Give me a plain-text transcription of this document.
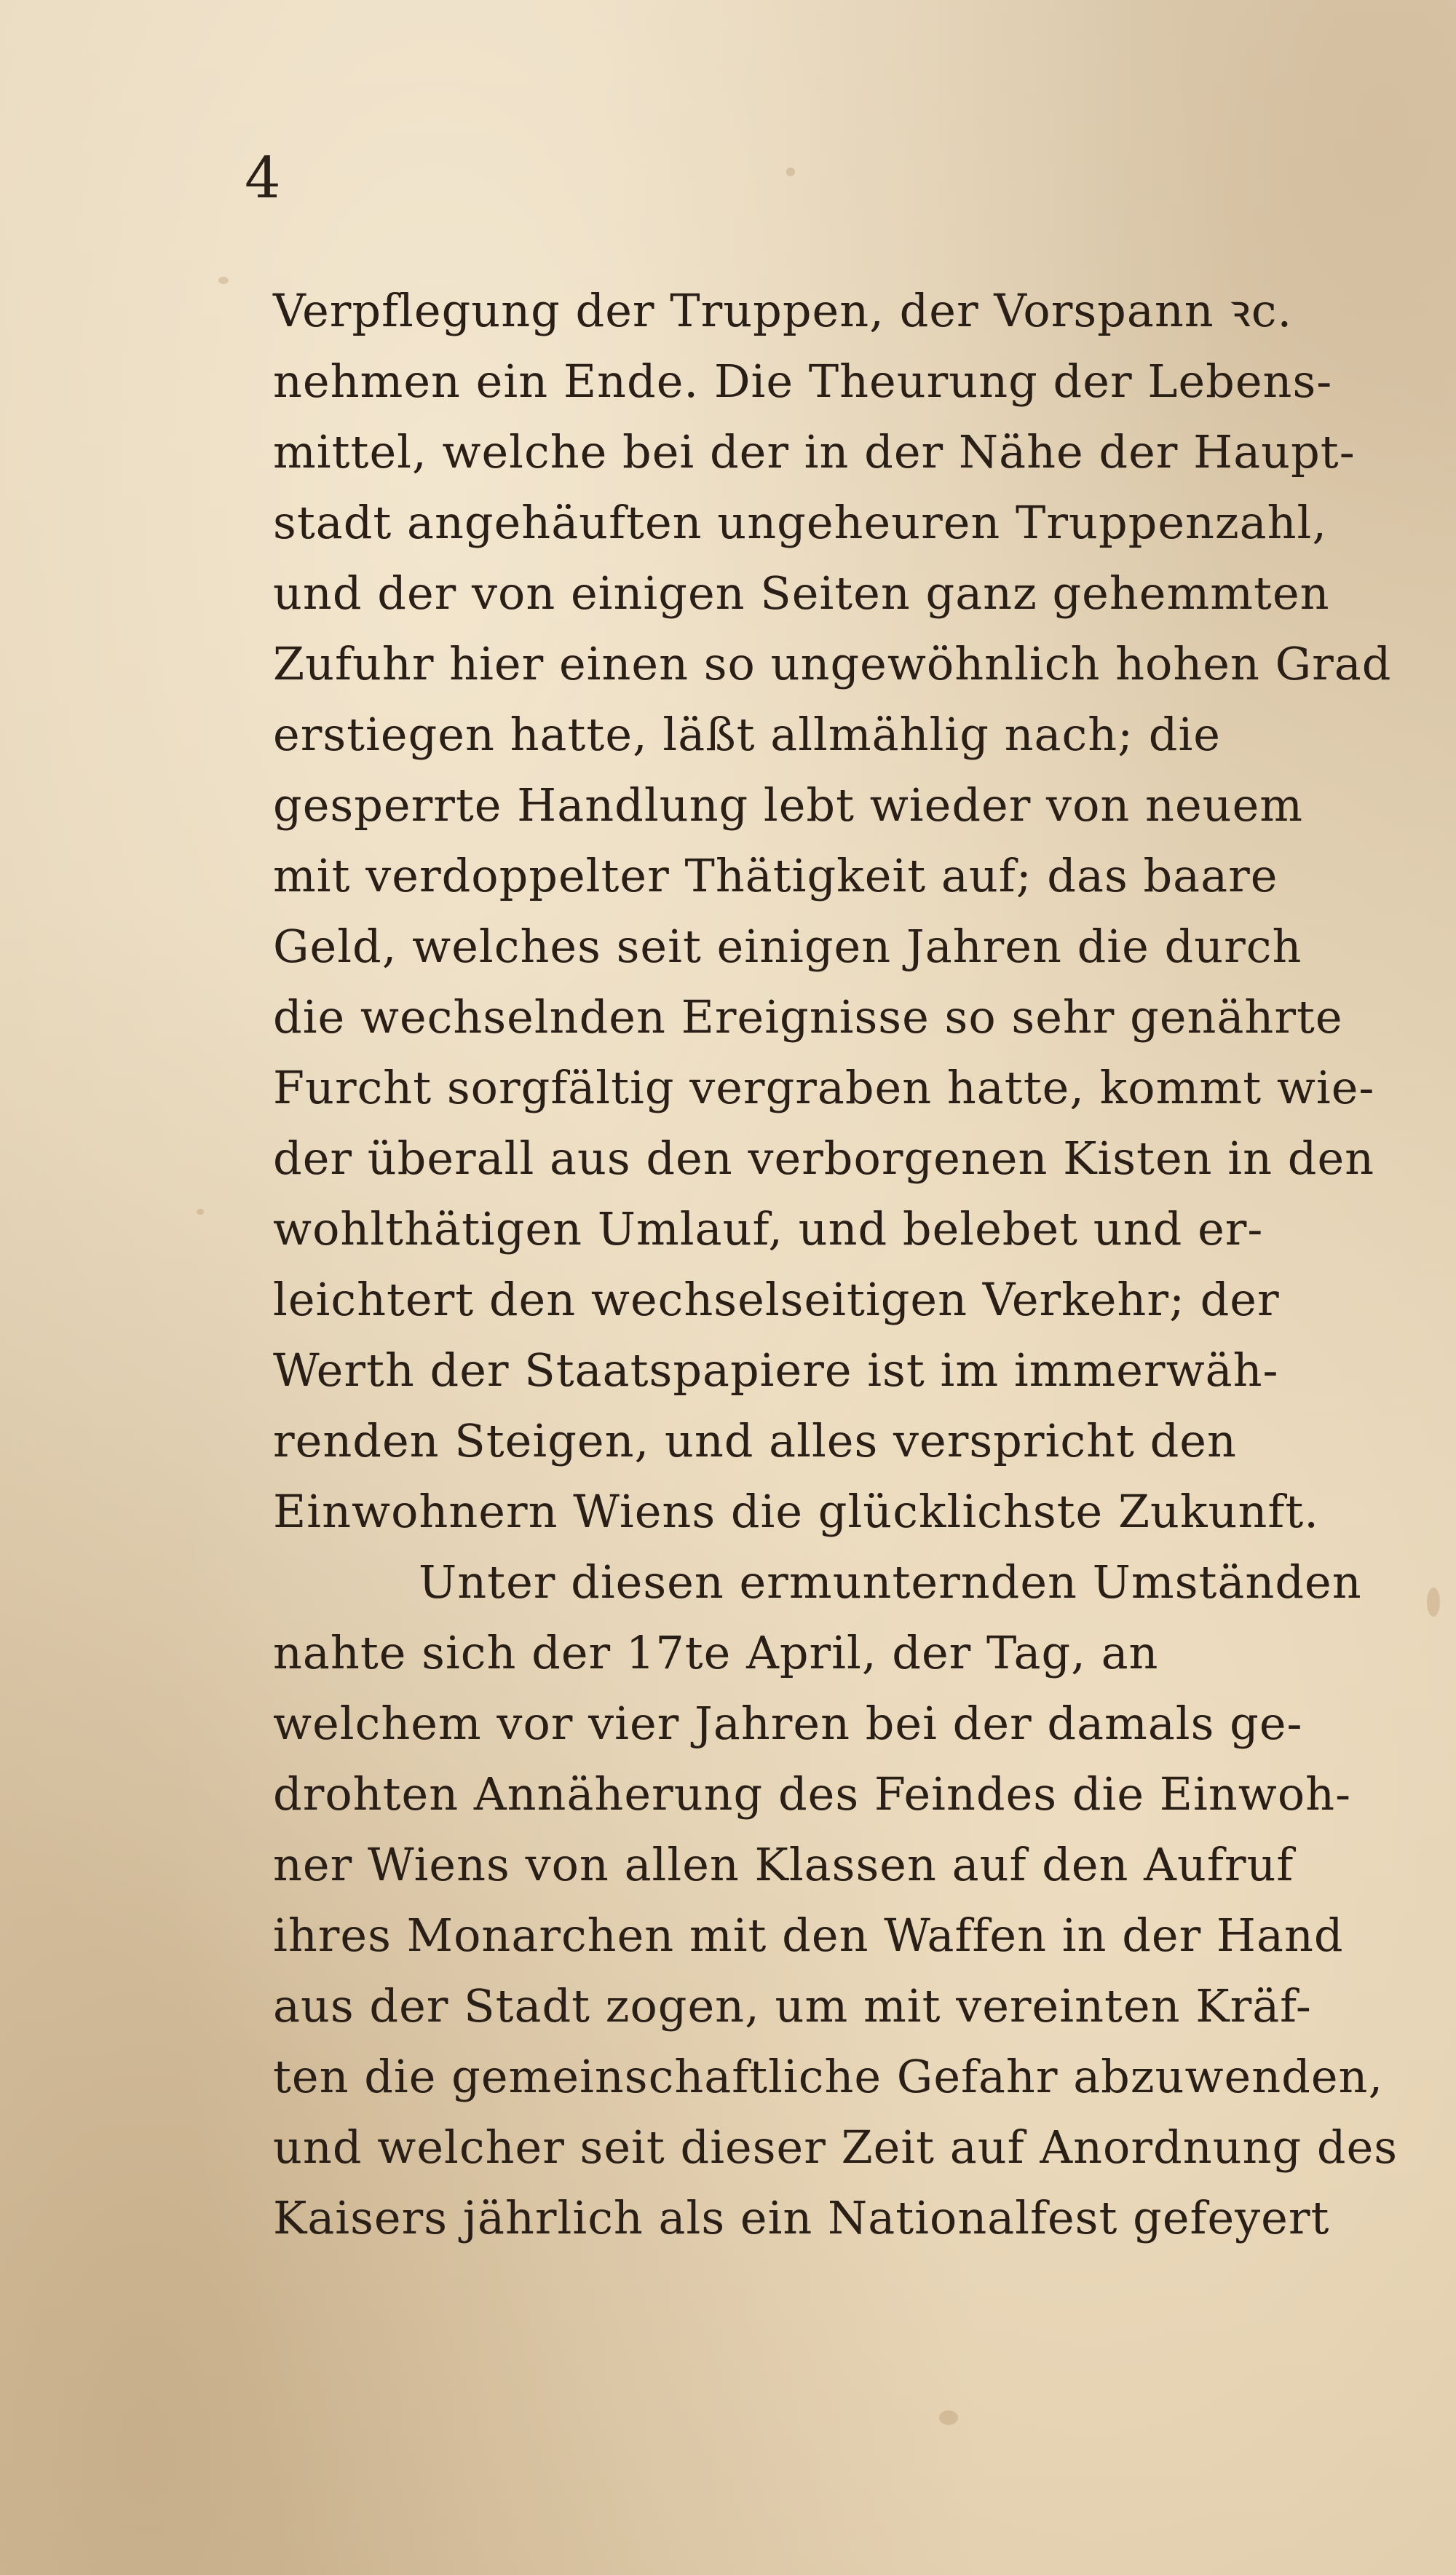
4
Verpflegung der Truppen, der Vorspann ꝛc.
nehmen ein Ende. Die Theurung der Lebens-
mittel, welche bei der in der Nähe der Haupt-
stadt angehäuften ungeheuren Truppenzahl,
und der von einigen Seiten ganz gehemmten
Zufuhr hier einen so ungewöhnlich hohen Grad
erstiegen hatte, läßt allmählig nach; die
gesperrte Handlung lebt wieder von neuem
mit verdoppelter Thätigkeit auf; das baare
Geld, welches seit einigen Jahren die durch
die wechselnden Ereignisse so sehr genährte
Furcht sorgfältig vergraben hatte, kommt wie-
der überall aus den verborgenen Kisten in den
wohlthätigen Umlauf, und belebet und er-
leichtert den wechselseitigen Verkehr; der
Werth der Staatspapiere ist im immerwäh-
renden Steigen, und alles verspricht den
Einwohnern Wiens die glücklichste Zukunft.
Unter diesen ermunternden Umständen
nahte sich der 17te April, der Tag, an
welchem vor vier Jahren bei der damals ge-
drohten Annäherung des Feindes die Einwoh-
ner Wiens von allen Klassen auf den Aufruf
ihres Monarchen mit den Waffen in der Hand
aus der Stadt zogen, um mit vereinten Kräf-
ten die gemeinschaftliche Gefahr abzuwenden,
und welcher seit dieser Zeit auf Anordnung des
Kaisers jährlich als ein Nationalfest gefeyert
